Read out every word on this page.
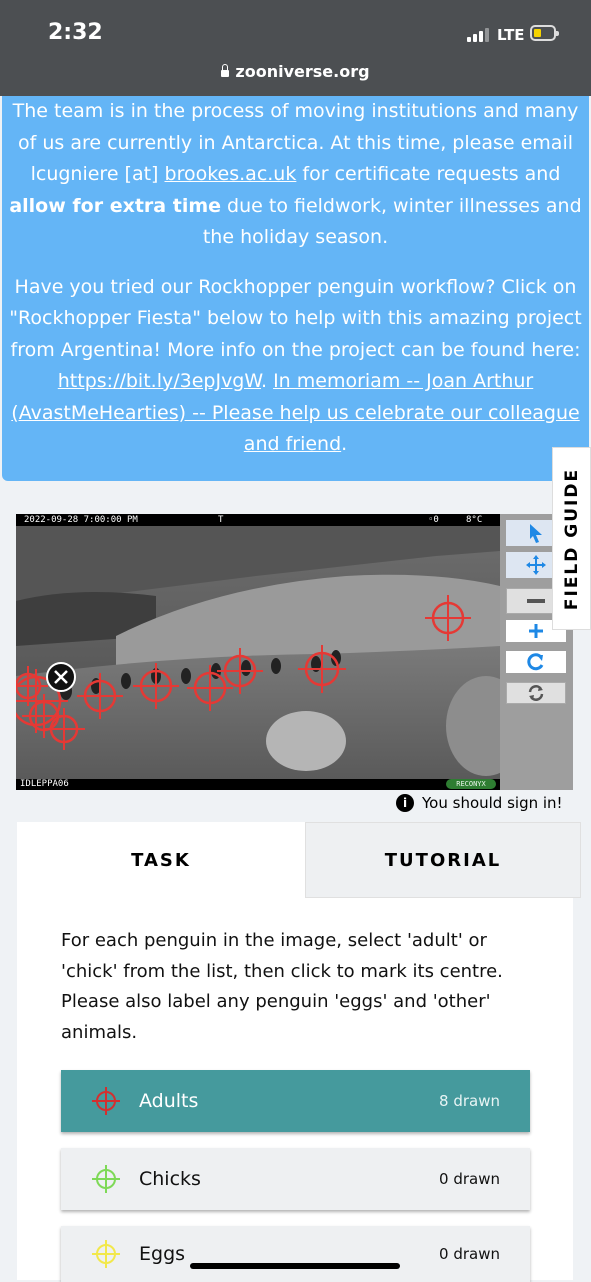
2:32	LTE
zooniverse.org

The team is in the process of moving institutions and many of us are currently in Antarctica. At this time, please email lcugniere [at] brookes.ac.uk for certificate requests and allow for extra time due to fieldwork, winter illnesses and the holiday season.

Have you tried our Rockhopper penguin workflow? Click on "Rockhopper Fiesta" below to help with this amazing project from Argentina! More info on the project can be found here: https://bit.ly/3epJvgW. In memoriam -- Joan Arthur (AvastMeHearties) -- Please help us celebrate our colleague and friend.

2022-09-28 7:00:00 PM	T	◦0	8°C
IDLEPPA06	RECONYX
FIELD GUIDE
i You should sign in!
TASK	TUTORIAL
For each penguin in the image, select 'adult' or 'chick' from the list, then click to mark its centre. Please also label any penguin 'eggs' and 'other' animals.
Adults	8 drawn
Chicks	0 drawn
Eggs	0 drawn
